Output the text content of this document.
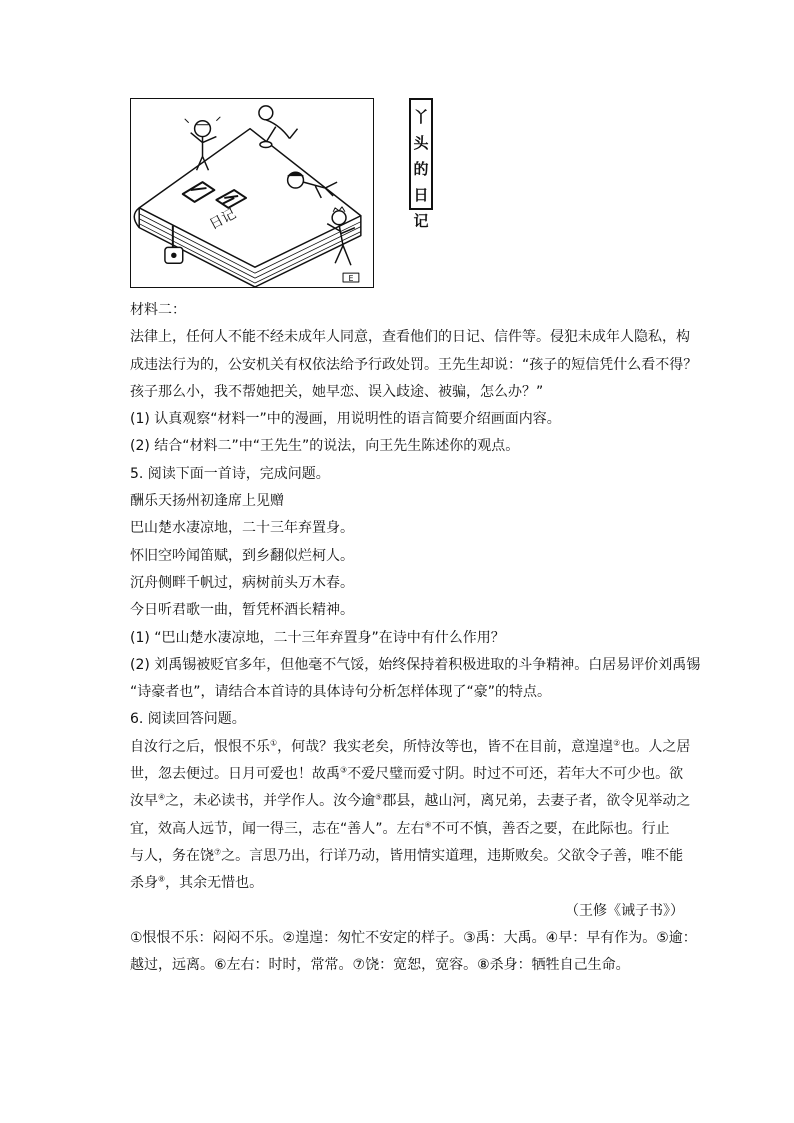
E
日记
丫
头
的
日
记
材料二：
法律上，任何人不能不经未成年人同意，查看他们的日记、信件等。侵犯未成年人隐私，构
成违法行为的，公安机关有权依法给予行政处罚。王先生却说：“孩子的短信凭什么看不得？
孩子那么小，我不帮她把关，她早恋、误入歧途、被骗，怎么办？”
(1) 认真观察“材料一”中的漫画，用说明性的语言简要介绍画面内容。
(2) 结合“材料二”中“王先生”的说法，向王先生陈述你的观点。
5. 阅读下面一首诗，完成问题。
酬乐天扬州初逢席上见赠
巴山楚水凄凉地，二十三年弃置身。
怀旧空吟闻笛赋，到乡翻似烂柯人。
沉舟侧畔千帆过，病树前头万木春。
今日听君歌一曲，暂凭杯酒长精神。
(1) “巴山楚水凄凉地，二十三年弃置身”在诗中有什么作用？
(2) 刘禹锡被贬官多年，但他毫不气馁，始终保持着积极进取的斗争精神。白居易评价刘禹锡
“诗豪者也”，请结合本首诗的具体诗句分析怎样体现了“豪”的特点。
6. 阅读回答问题。
自汝行之后，恨恨不乐①，何哉？我实老矣，所恃汝等也，皆不在目前，意遑遑②也。人之居
世，忽去便过。日月可爱也！故禹③不爱尺璧而爱寸阴。时过不可还，若年大不可少也。欲
汝早④之，未必读书，并学作人。汝今逾⑤郡县，越山河，离兄弟，去妻子者，欲令见举动之
宜，效高人远节，闻一得三，志在“善人”。左右⑥不可不慎，善否之要，在此际也。行止
与人，务在饶⑦之。言思乃出，行详乃动，皆用情实道理，违斯败矣。父欲令子善，唯不能
杀身⑧，其余无惜也。
（王修《诫子书》）
①恨恨不乐：闷闷不乐。②遑遑：匆忙不安定的样子。③禹：大禹。④早：早有作为。⑤逾：
越过，远离。⑥左右：时时，常常。⑦饶：宽恕，宽容。⑧杀身：牺牲自己生命。
